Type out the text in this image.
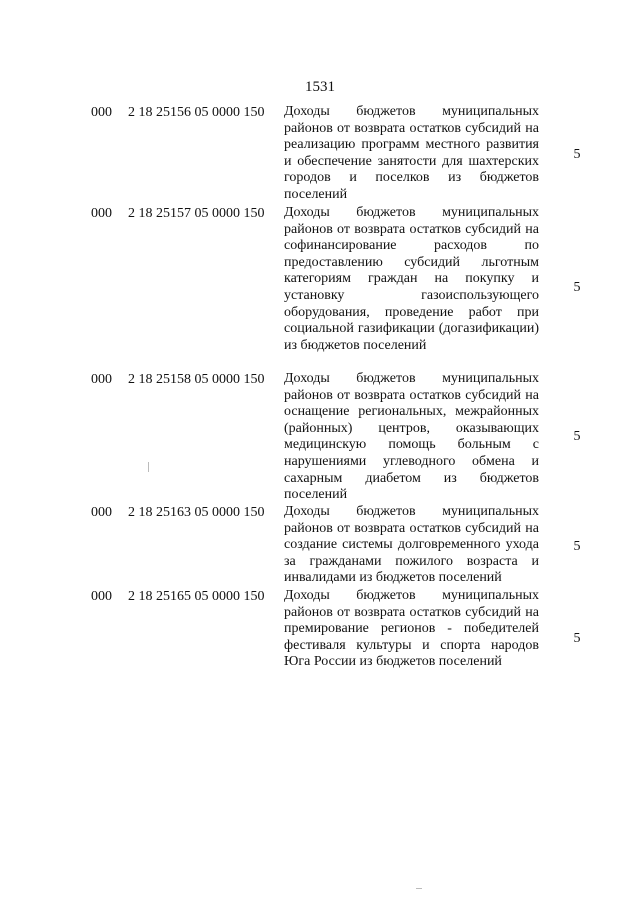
1531
000 2 18 25156 05 0000 150 Доходы бюджетов муниципальных районов от возврата остатков субсидий на реализацию программ местного развития и обеспечение занятости для шахтерских городов и поселков из бюджетов поселений
5
000 2 18 25157 05 0000 150 Доходы бюджетов муниципальных районов от возврата остатков субсидий на софинансирование расходов по предоставлению субсидий льготным категориям граждан на покупку и установку газоиспользующего оборудования, проведение работ при социальной газификации (догазификации) из бюджетов поселений
5
000 2 18 25158 05 0000 150 Доходы бюджетов муниципальных районов от возврата остатков субсидий на оснащение региональных, межрайонных (районных) центров, оказывающих медицинскую помощь больным с нарушениями углеводного обмена и сахарным диабетом из бюджетов поселений
5
000 2 18 25163 05 0000 150 Доходы бюджетов муниципальных районов от возврата остатков субсидий на создание системы долговременного ухода за гражданами пожилого возраста и инвалидами из бюджетов поселений
5
000 2 18 25165 05 0000 150 Доходы бюджетов муниципальных районов от возврата остатков субсидий на премирование регионов - победителей фестиваля культуры и спорта народов Юга России из бюджетов поселений
5
